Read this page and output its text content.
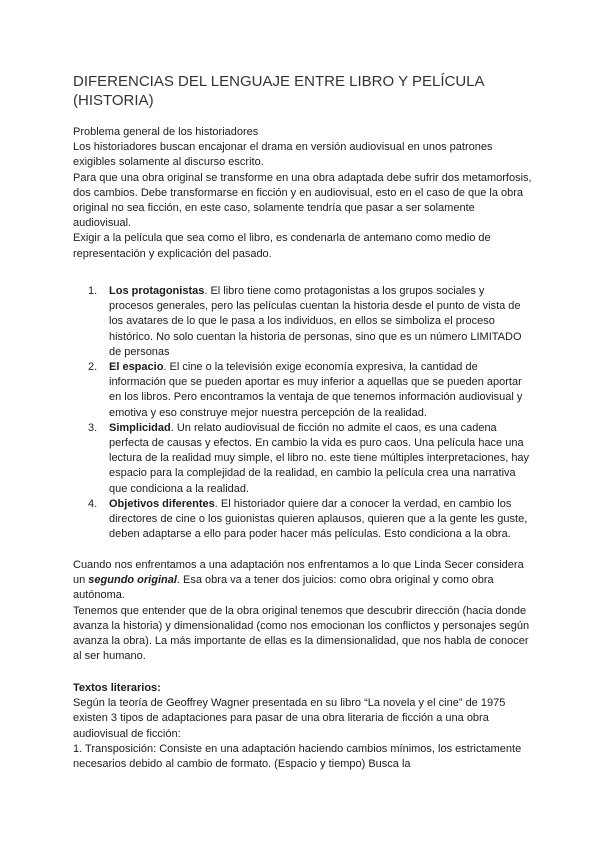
DIFERENCIAS DEL LENGUAJE ENTRE LIBRO Y PELÍCULA (HISTORIA)

Problema general de los historiadores

Los historiadores buscan encajonar el drama en versión audiovisual en unos patrones exigibles solamente al discurso escrito.

Para que una obra original se transforme en una obra adaptada debe sufrir dos metamorfosis, dos cambios. Debe transformarse en ficción y en audiovisual, esto en el caso de que la obra original no sea ficción, en este caso, solamente tendría que pasar a ser solamente audiovisual.

Exigir a la película que sea como el libro, es condenarla de antemano como medio de representación y explicación del pasado.

1. Los protagonistas. El libro tiene como protagonistas a los grupos sociales y procesos generales, pero las películas cuentan la historia desde el punto de vista de los avatares de lo que le pasa a los individuos, en ellos se simboliza el proceso histórico. No solo cuentan la historia de personas, sino que es un número LIMITADO de personas
2. El espacio. El cine o la televisión exige economía expresiva, la cantidad de información que se pueden aportar es muy inferior a aquellas que se pueden aportar en los libros. Pero encontramos la ventaja de que tenemos información audiovisual y emotiva y eso construye mejor nuestra percepción de la realidad.
3. Simplicidad. Un relato audiovisual de ficción no admite el caos, es una cadena perfecta de causas y efectos. En cambio la vida es puro caos. Una película hace una lectura de la realidad muy simple, el libro no. este tiene múltiples interpretaciones, hay espacio para la complejidad de la realidad, en cambio la película crea una narrativa que condiciona a la realidad.
4. Objetivos diferentes. El historiador quiere dar a conocer la verdad, en cambio los directores de cine o los guionistas quieren aplausos, quieren que a la gente les guste, deben adaptarse a ello para poder hacer más películas. Esto condiciona a la obra.

Cuando nos enfrentamos a una adaptación nos enfrentamos a lo que Linda Secer considera un segundo original. Esa obra va a tener dos juicios: como obra original y como obra autónoma.

Tenemos que entender que de la obra original tenemos que descubrir dirección (hacia donde avanza la historia) y dimensionalidad (como nos emocionan los conflictos y personajes según avanza la obra). La más importante de ellas es la dimensionalidad, que nos habla de conocer al ser humano.

Textos literarios:

Según la teoría de Geoffrey Wagner presentada en su libro “La novela y el cine” de 1975 existen 3 tipos de adaptaciones para pasar de una obra literaria de ficción a una obra audiovisual de ficción:

1. Transposición: Consiste en una adaptación haciendo cambios mínimos, los estrictamente necesarios debido al cambio de formato. (Espacio y tiempo) Busca la
